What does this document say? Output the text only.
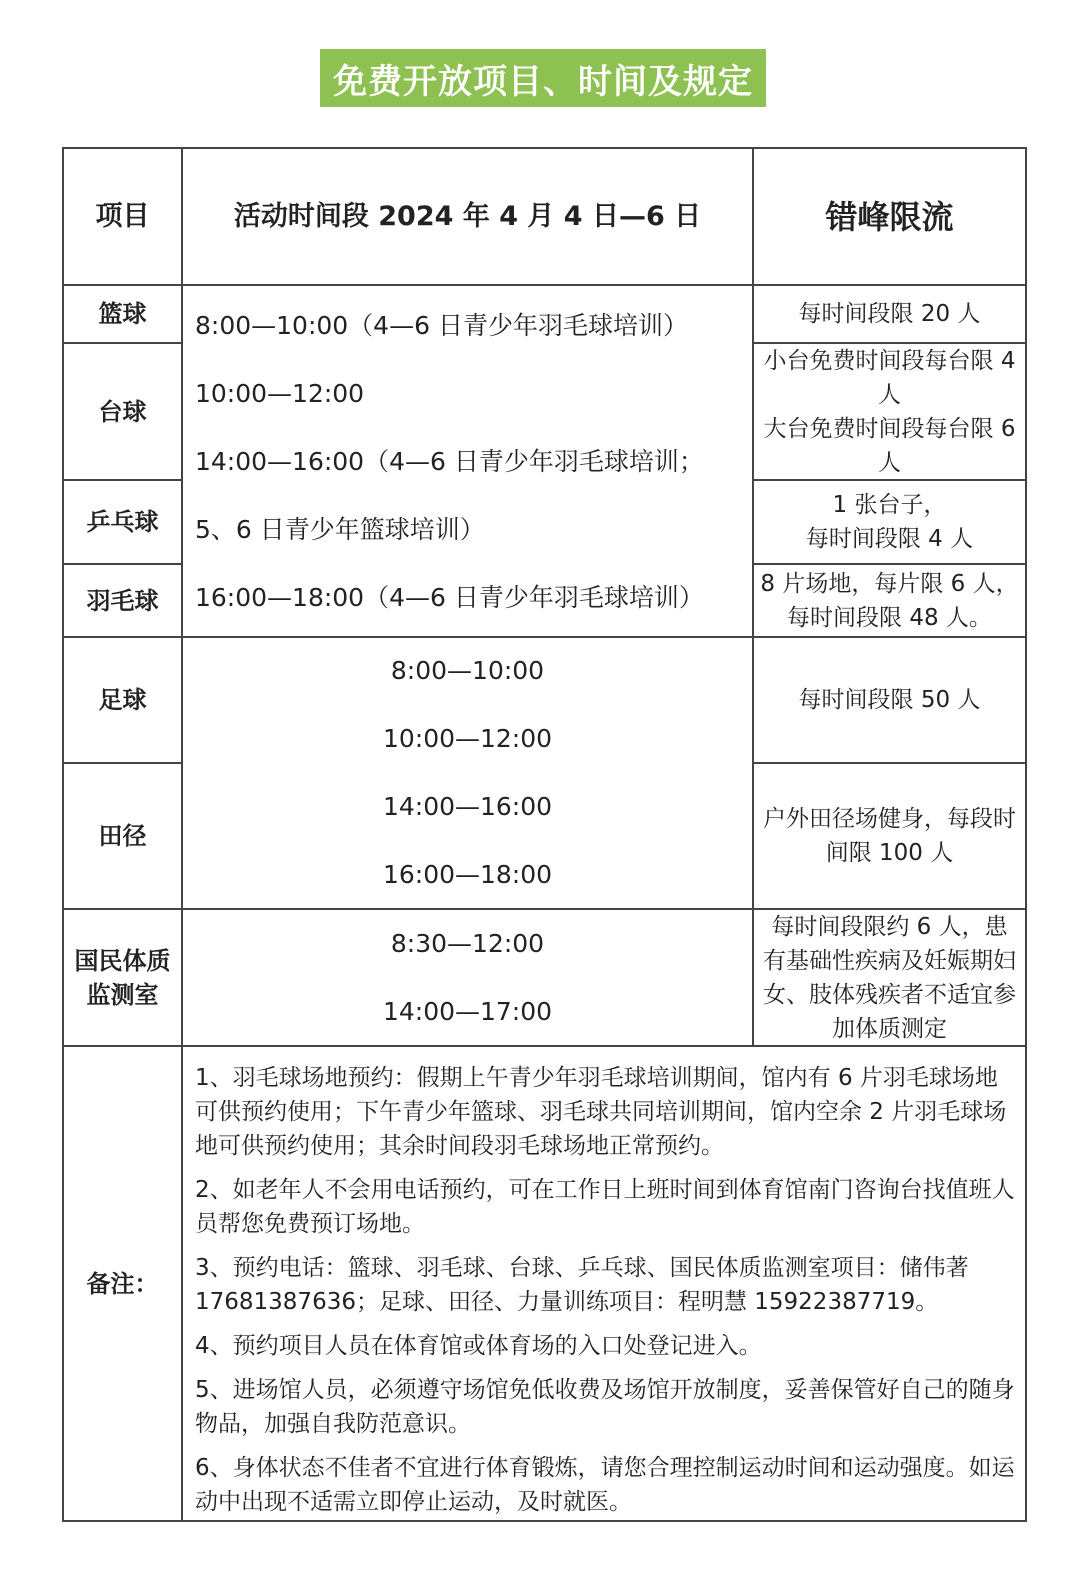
免费开放项目、时间及规定
项目	活动时间段 2024 年 4 月 4 日—6 日	错峰限流
篮球
台球
乒乓球
羽毛球
足球
田径
国民体质监测室
8:00—10:00（4—6 日青少年羽毛球培训）
10:00—12:00
14:00—16:00（4—6 日青少年羽毛球培训；
5、6 日青少年篮球培训）
16:00—18:00（4—6 日青少年羽毛球培训）
8:00—10:00
10:00—12:00
14:00—16:00
16:00—18:00
8:30—12:00
14:00—17:00
每时间段限 20 人
小台免费时间段每台限 4 人
大台免费时间段每台限 6 人
1 张台子，
每时间段限 4 人
8 片场地，每片限 6 人，
每时间段限 48 人。
每时间段限 50 人
户外田径场健身，每段时间限 100 人
每时间段限约 6 人，患有基础性疾病及妊娠期妇女、肢体残疾者不适宜参加体质测定
备注：

1、羽毛球场地预约：假期上午青少年羽毛球培训期间，馆内有 6 片羽毛球场地可供预约使用；下午青少年篮球、羽毛球共同培训期间，馆内空余 2 片羽毛球场地可供预约使用；其余时间段羽毛球场地正常预约。

2、如老年人不会用电话预约，可在工作日上班时间到体育馆南门咨询台找值班人员帮您免费预订场地。

3、预约电话：篮球、羽毛球、台球、乒乓球、国民体质监测室项目：储伟著 17681387636；足球、田径、力量训练项目：程明慧 15922387719。

4、预约项目人员在体育馆或体育场的入口处登记进入。

5、进场馆人员，必须遵守场馆免低收费及场馆开放制度，妥善保管好自己的随身物品，加强自我防范意识。

6、身体状态不佳者不宜进行体育锻炼，请您合理控制运动时间和运动强度。如运动中出现不适需立即停止运动，及时就医。
